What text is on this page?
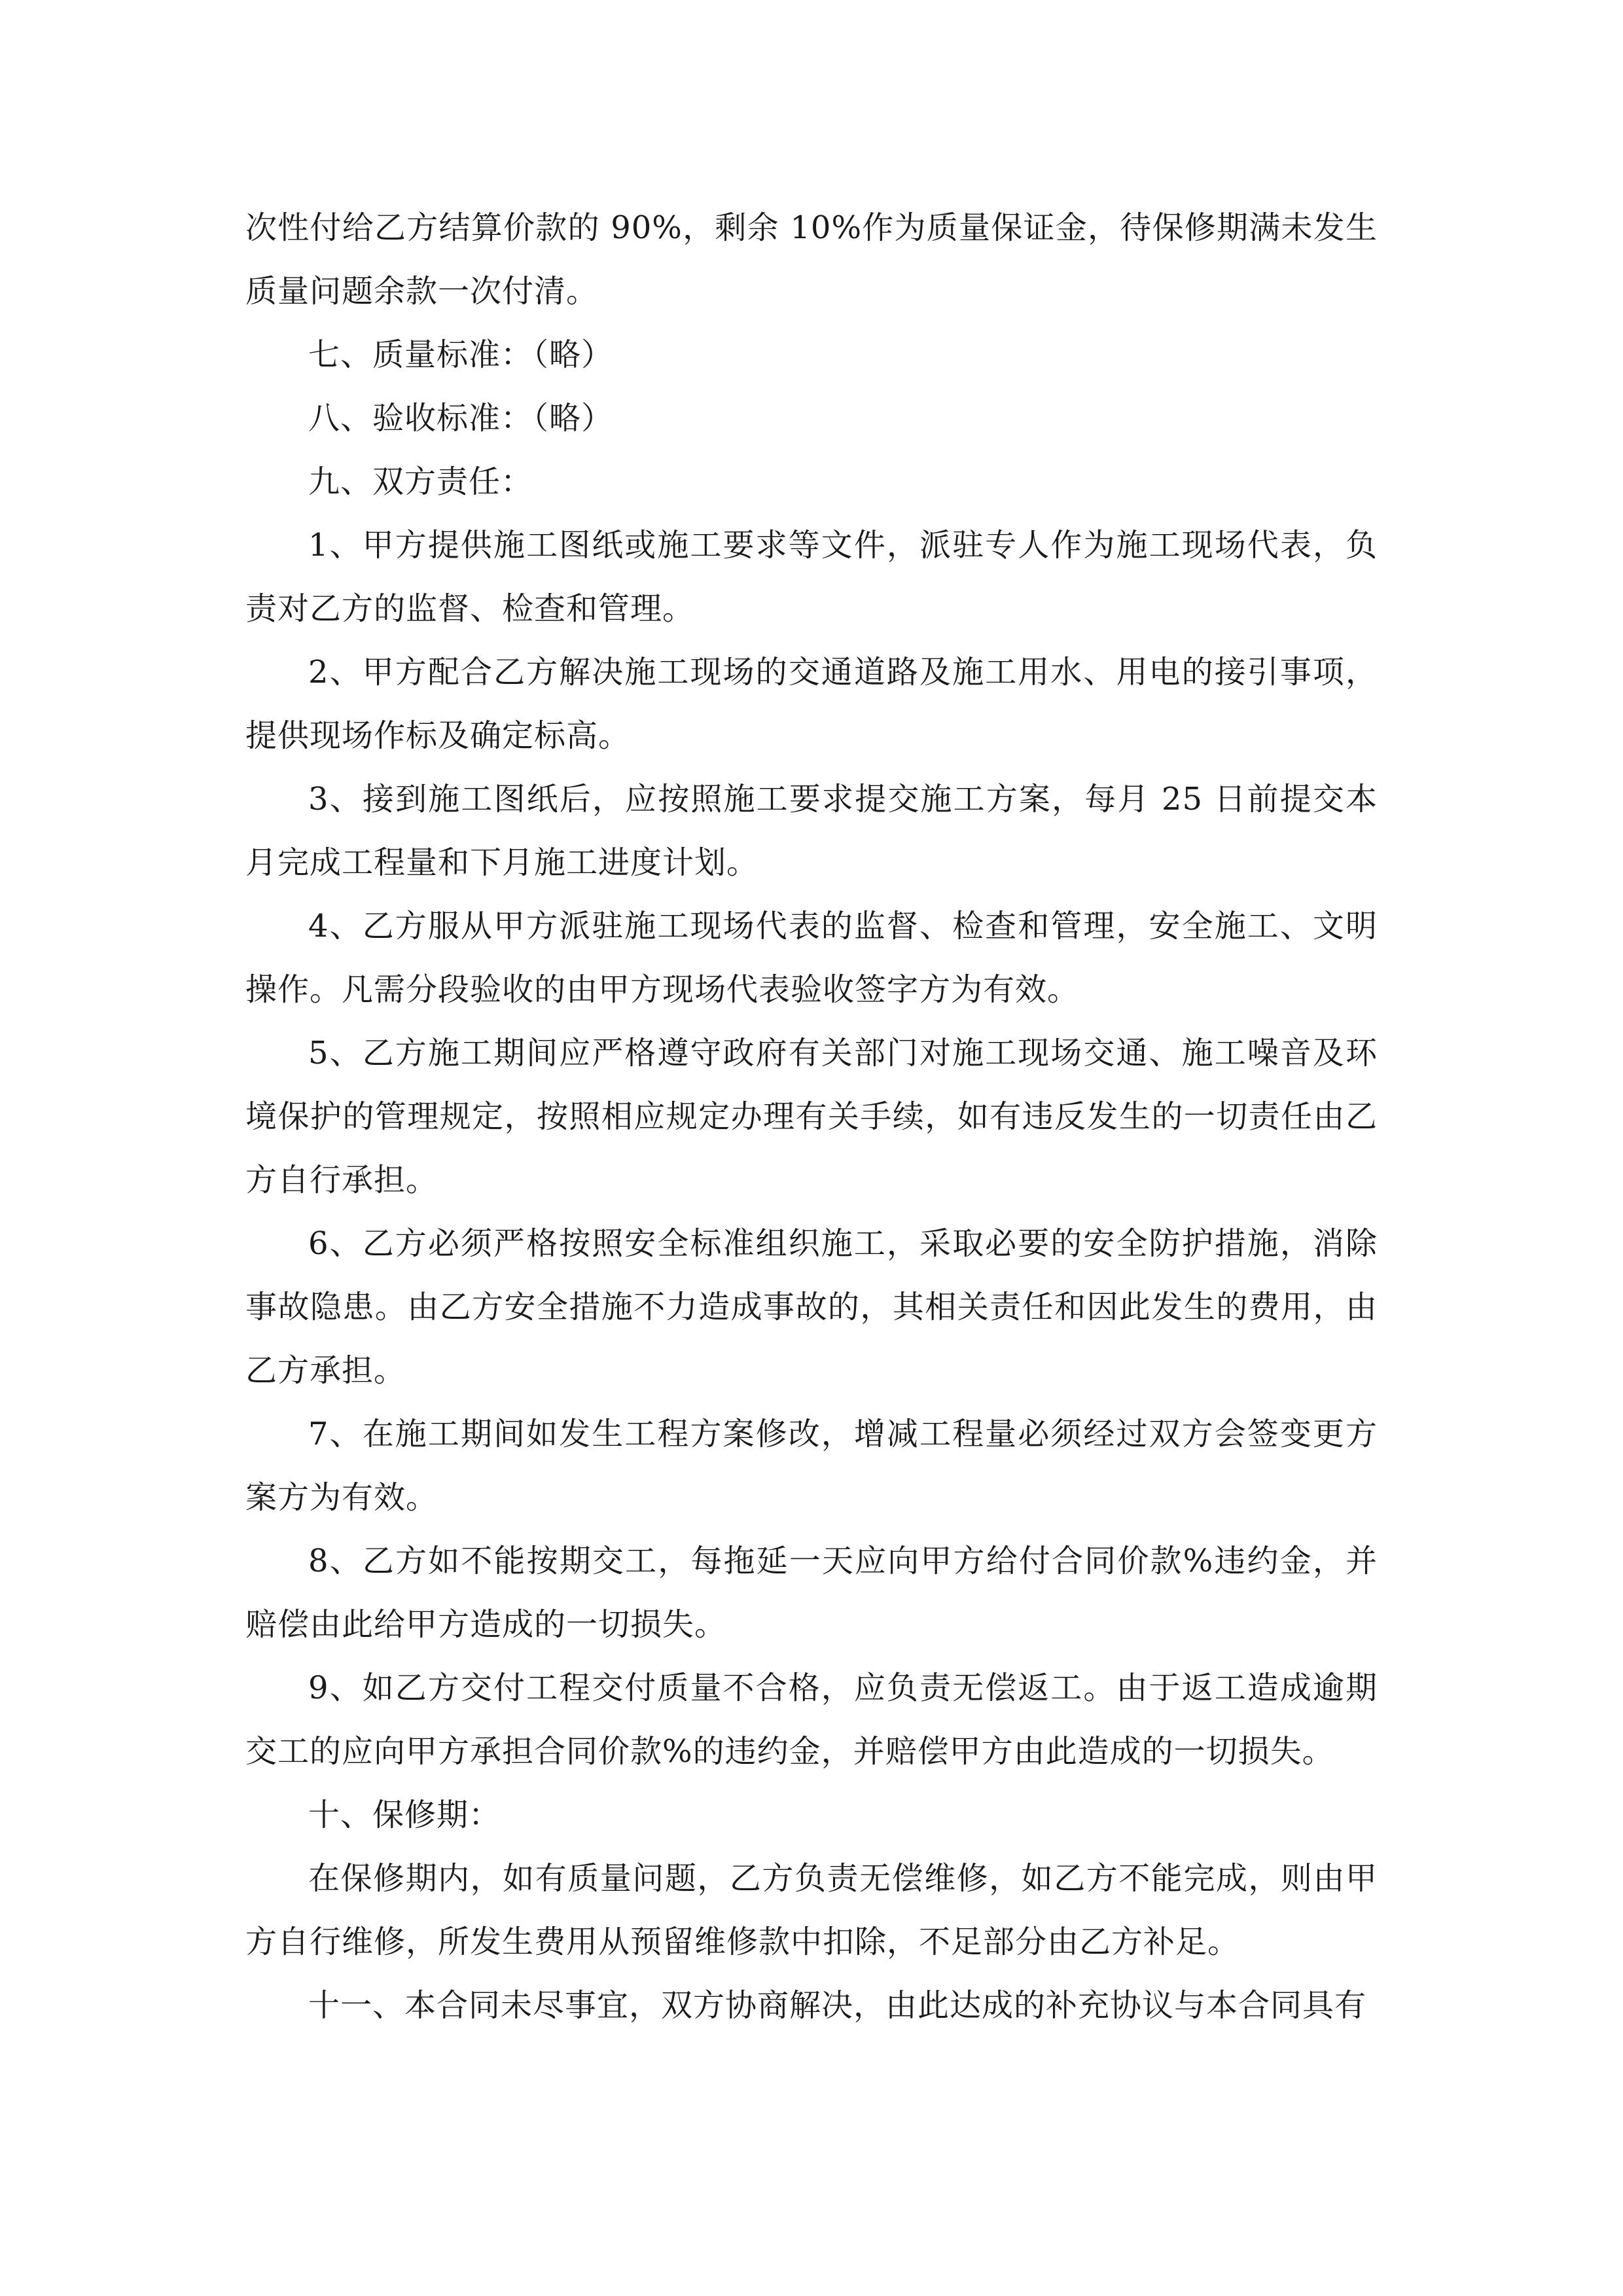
次性付给乙方结算价款的 90%，剩余 10%作为质量保证金，待保修期满未发生质量问题余款一次付清。

七、质量标准：（略）

八、验收标准：（略）

九、双方责任：

1、甲方提供施工图纸或施工要求等文件，派驻专人作为施工现场代表，负责对乙方的监督、检查和管理。

2、甲方配合乙方解决施工现场的交通道路及施工用水、用电的接引事项，提供现场作标及确定标高。

3、接到施工图纸后，应按照施工要求提交施工方案，每月 25 日前提交本月完成工程量和下月施工进度计划。

4、乙方服从甲方派驻施工现场代表的监督、检查和管理，安全施工、文明操作。凡需分段验收的由甲方现场代表验收签字方为有效。

5、乙方施工期间应严格遵守政府有关部门对施工现场交通、施工噪音及环境保护的管理规定，按照相应规定办理有关手续，如有违反发生的一切责任由乙方自行承担。

6、乙方必须严格按照安全标准组织施工，采取必要的安全防护措施，消除事故隐患。由乙方安全措施不力造成事故的，其相关责任和因此发生的费用，由乙方承担。

7、在施工期间如发生工程方案修改，增减工程量必须经过双方会签变更方案方为有效。

8、乙方如不能按期交工，每拖延一天应向甲方给付合同价款%违约金，并赔偿由此给甲方造成的一切损失。

9、如乙方交付工程交付质量不合格，应负责无偿返工。由于返工造成逾期交工的应向甲方承担合同价款%的违约金，并赔偿甲方由此造成的一切损失。

十、保修期：

在保修期内，如有质量问题，乙方负责无偿维修，如乙方不能完成，则由甲方自行维修，所发生费用从预留维修款中扣除，不足部分由乙方补足。

十一、本合同未尽事宜，双方协商解决，由此达成的补充协议与本合同具有
